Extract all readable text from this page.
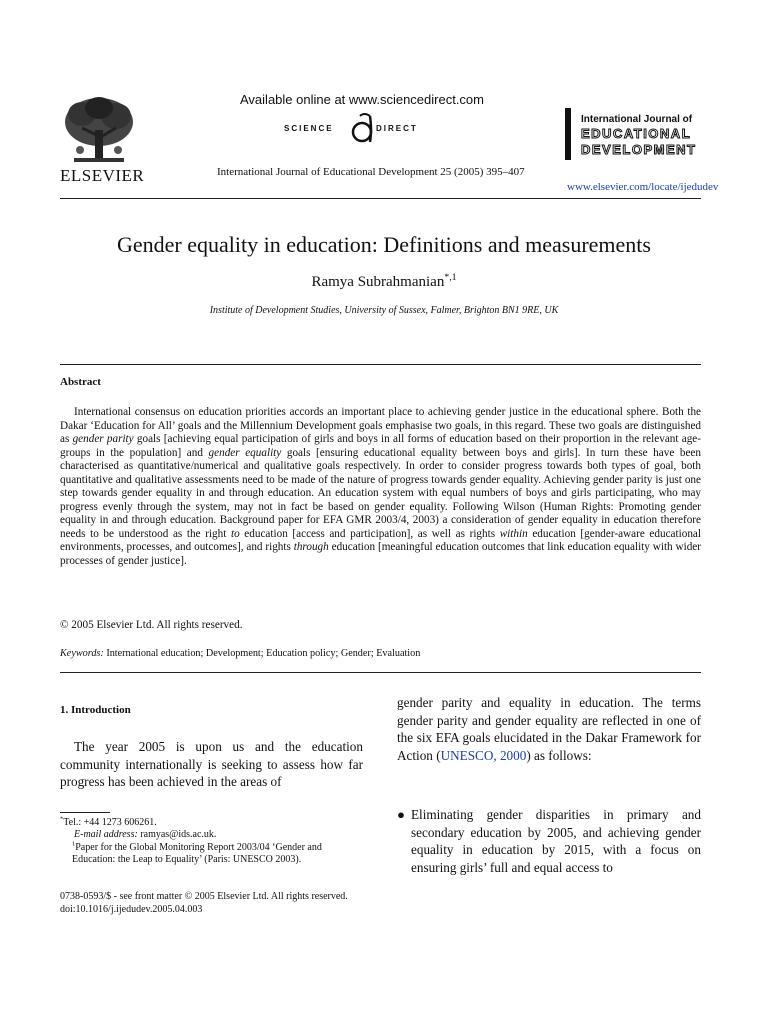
ELSEVIER
Available online at www.sciencedirect.com
SCIENCE	DIRECT
International Journal of Educational Development 25 (2005) 395–407
International Journal of
EDUCATIONAL
DEVELOPMENT
www.elsevier.com/locate/ijedudev
Gender equality in education: Definitions and measurements
Ramya Subrahmanian$^{*,1}$
Institute of Development Studies, University of Sussex, Falmer, Brighton BN1 9RE, UK
Abstract

International consensus on education priorities accords an important place to achieving gender justice in the educational sphere. Both the Dakar ‘Education for All’ goals and the Millennium Development goals emphasise two goals, in this regard. These two goals are distinguished as gender parity goals [achieving equal participation of girls and boys in all forms of education based on their proportion in the relevant age-groups in the population] and gender equality goals [ensuring educational equality between boys and girls]. In turn these have been characterised as quantitative/numerical and qualitative goals respectively. In order to consider progress towards both types of goal, both quantitative and qualitative assessments need to be made of the nature of progress towards gender equality. Achieving gender parity is just one step towards gender equality in and through education. An education system with equal numbers of boys and girls participating, who may progress evenly through the system, may not in fact be based on gender equality. Following Wilson (Human Rights: Promoting gender equality in and through education. Background paper for EFA GMR 2003/4, 2003) a consideration of gender equality in education therefore needs to be understood as the right to education [access and participation], as well as rights within education [gender-aware educational environments, processes, and outcomes], and rights through education [meaningful education outcomes that link education equality with wider processes of gender justice].

© 2005 Elsevier Ltd. All rights reserved.
Keywords: International education; Development; Education policy; Gender; Evaluation
1. Introduction

The year 2005 is upon us and the education community internationally is seeking to assess how far progress has been achieved in the areas of

*Tel.: +44 1273 606261.
E-mail address: ramyas@ids.ac.uk.
$^1$Paper for the Global Monitoring Report 2003/04 ‘Gender and Education: the Leap to Equality’ (Paris: UNESCO 2003).
0738-0593/$ - see front matter © 2005 Elsevier Ltd. All rights reserved.
doi:10.1016/j.ijedudev.2005.04.003

gender parity and equality in education. The terms gender parity and gender equality are reflected in one of the six EFA goals elucidated in the Dakar Framework for Action (UNESCO, 2000) as follows:

● Eliminating gender disparities in primary and secondary education by 2005, and achieving gender equality in education by 2015, with a focus on ensuring girls’ full and equal access to
